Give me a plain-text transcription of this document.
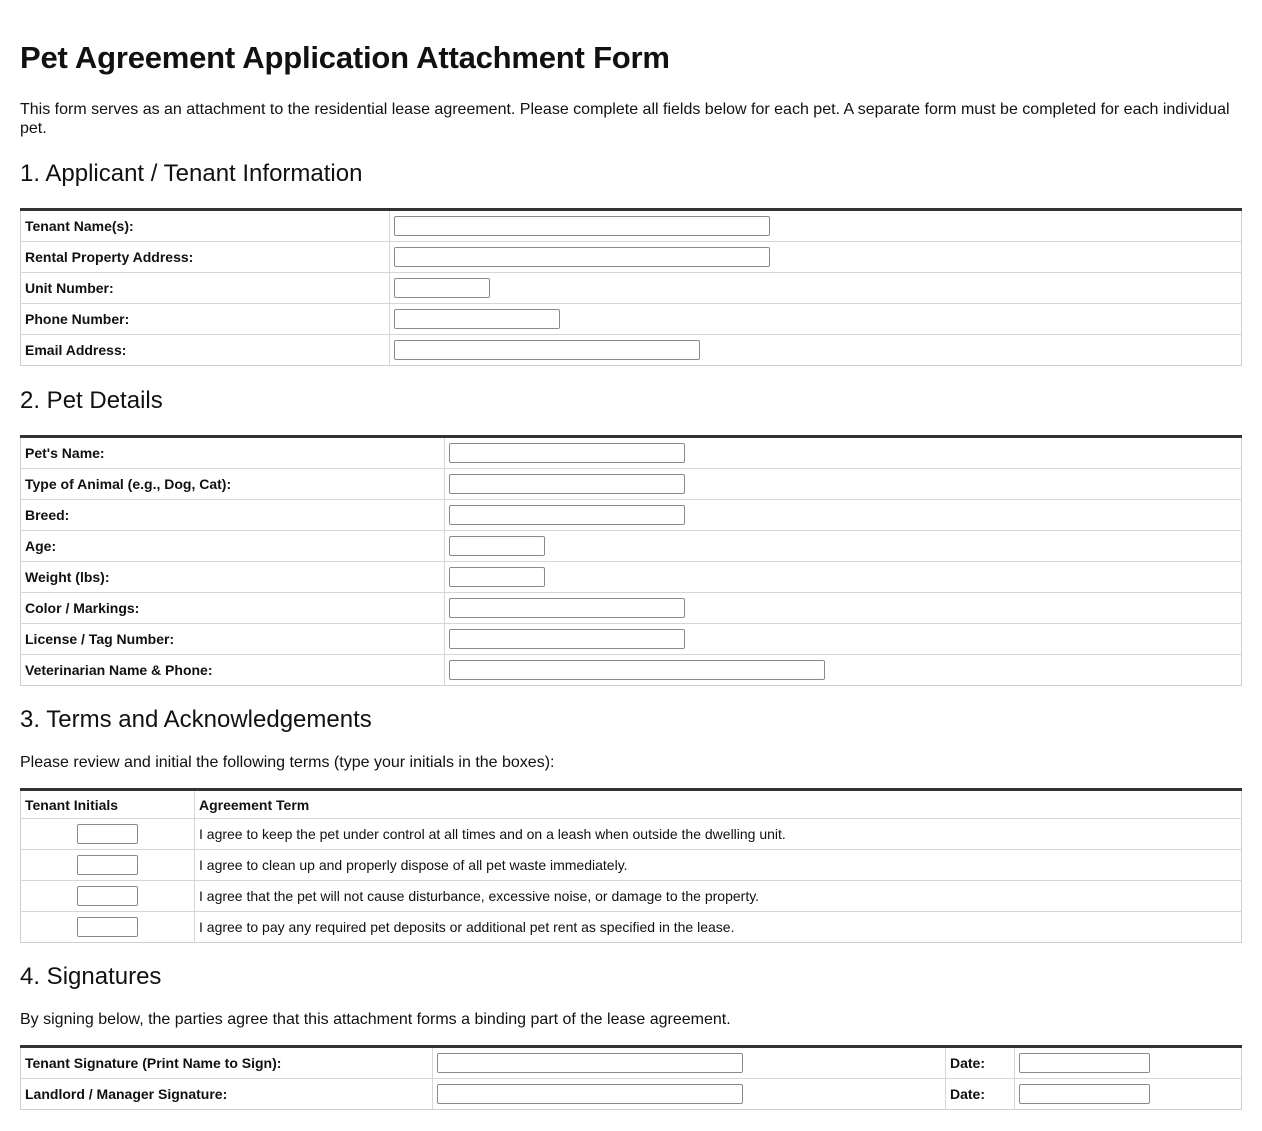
Pet Agreement Application Attachment Form
This form serves as an attachment to the residential lease agreement. Please complete all fields below for each pet. A separate form must be completed for each individual pet.
1. Applicant / Tenant Information
Tenant Name(s):	

Rental Property Address:	

Unit Number:	

Phone Number:	

Email Address:	
2. Pet Details
Pet's Name:	

Type of Animal (e.g., Dog, Cat):	

Breed:	

Age:	

Weight (lbs):	

Color / Markings:	

License / Tag Number:	

Veterinarian Name & Phone:	
3. Terms and Acknowledgements
Please review and initial the following terms (type your initials in the boxes):
Tenant Initials	Agreement Term

	I agree to keep the pet under control at all times and on a leash when outside the dwelling unit.

	I agree to clean up and properly dispose of all pet waste immediately.

	I agree that the pet will not cause disturbance, excessive noise, or damage to the property.

	I agree to pay any required pet deposits or additional pet rent as specified in the lease.
4. Signatures
By signing below, the parties agree that this attachment forms a binding part of the lease agreement.
Tenant Signature (Print Name to Sign):		Date:	

Landlord / Manager Signature:		Date:	
